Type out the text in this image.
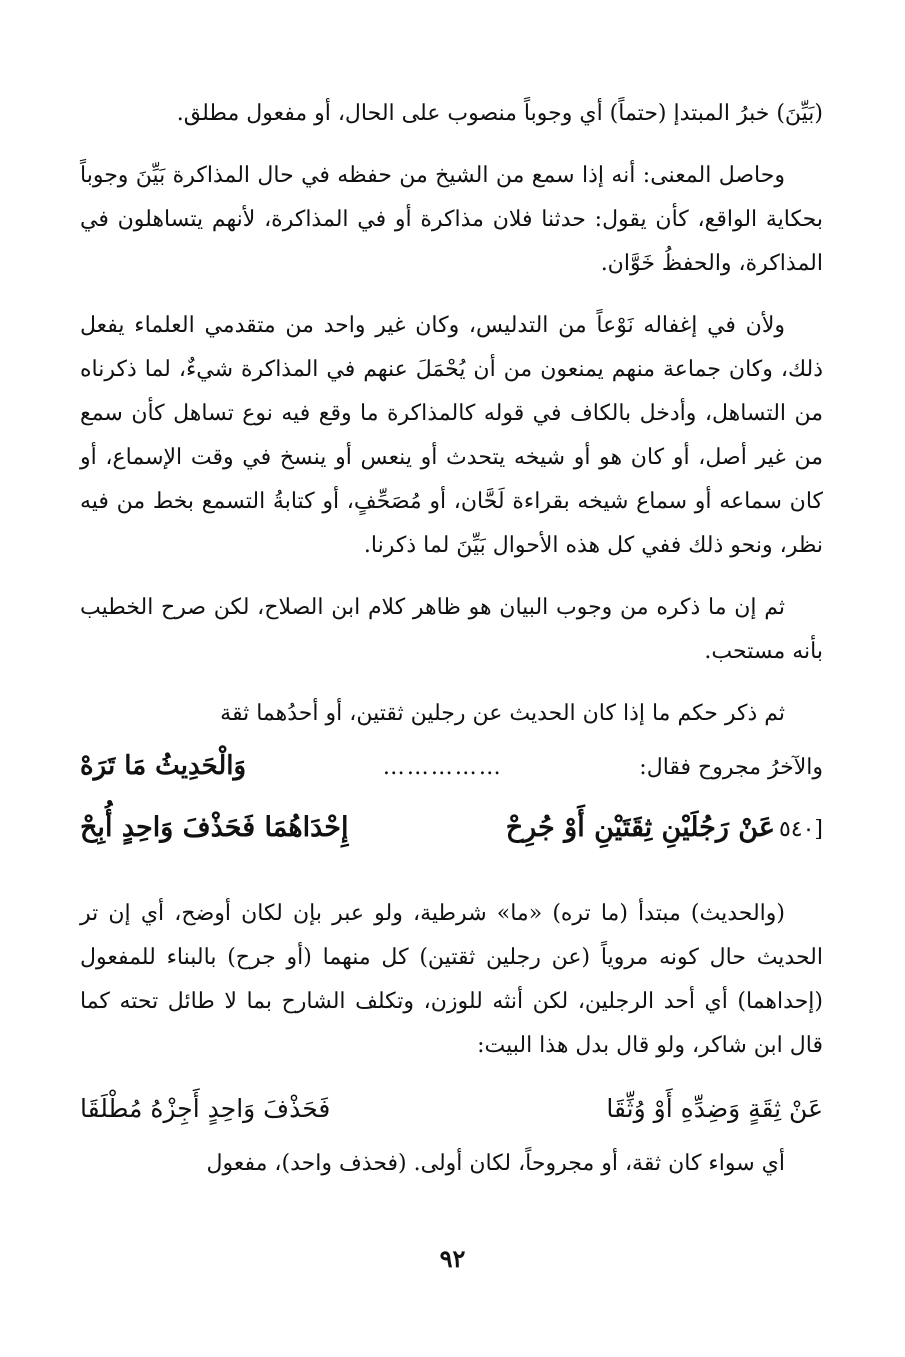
(بَيِّنَ) خبرُ المبتدإ (حتماً) أي وجوباً منصوب على الحال، أو مفعول مطلق.

وحاصل المعنى: أنه إذا سمع من الشيخ من حفظه في حال المذاكرة بَيِّنَ وجوباً بحكاية الواقع، كأن يقول: حدثنا فلان مذاكرة أو في المذاكرة، لأنهم يتساهلون في المذاكرة، والحفظُ خَوَّان.

ولأن في إغفاله نَوْعاً من التدليس، وكان غير واحد من متقدمي العلماء يفعل ذلك، وكان جماعة منهم يمنعون من أن يُحْمَلَ عنهم في المذاكرة شيءٌ، لما ذكرناه من التساهل، وأدخل بالكاف في قوله كالمذاكرة ما وقع فيه نوع تساهل كأن سمع من غير أصل، أو كان هو أو شيخه يتحدث أو ينعس أو ينسخ في وقت الإسماع، أو كان سماعه أو سماع شيخه بقراءة لَحَّان، أو مُصَحِّفٍ، أو كتابةُ التسمع بخط من فيه نظر، ونحو ذلك ففي كل هذه الأحوال بَيِّنَ لما ذكرنا.

ثم إن ما ذكره من وجوب البيان هو ظاهر كلام ابن الصلاح، لكن صرح الخطيب بأنه مستحب.

ثم ذكر حكم ما إذا كان الحديث عن رجلين ثقتين، أو أحدُهما ثقة

والآخرُ مجروح فقال:
……………
وَالْحَدِيثُ مَا تَرَهْ
[٥٤٠
عَنْ رَجُلَيْنِ ثِقَتَيْنِ أَوْ جُرِحْ
إِحْدَاهُمَا فَحَذْفَ وَاحِدٍ أُبِحْ

(والحديث) مبتدأ (ما تره) «ما» شرطية، ولو عبر بإن لكان أوضح، أي إن تر الحديث حال كونه مروياً (عن رجلين ثقتين) كل منهما (أو جرح) بالبناء للمفعول (إحداهما) أي أحد الرجلين، لكن أنثه للوزن، وتكلف الشارح بما لا طائل تحته كما قال ابن شاكر، ولو قال بدل هذا البيت:

عَنْ ثِقَةٍ وَضِدِّهِ أَوْ وُثِّقَا
فَحَذْفَ وَاحِدٍ أَجِزْهُ مُطْلَقَا

أي سواء كان ثقة، أو مجروحاً، لكان أولى. (فحذف واحد)، مفعول

٩٢
